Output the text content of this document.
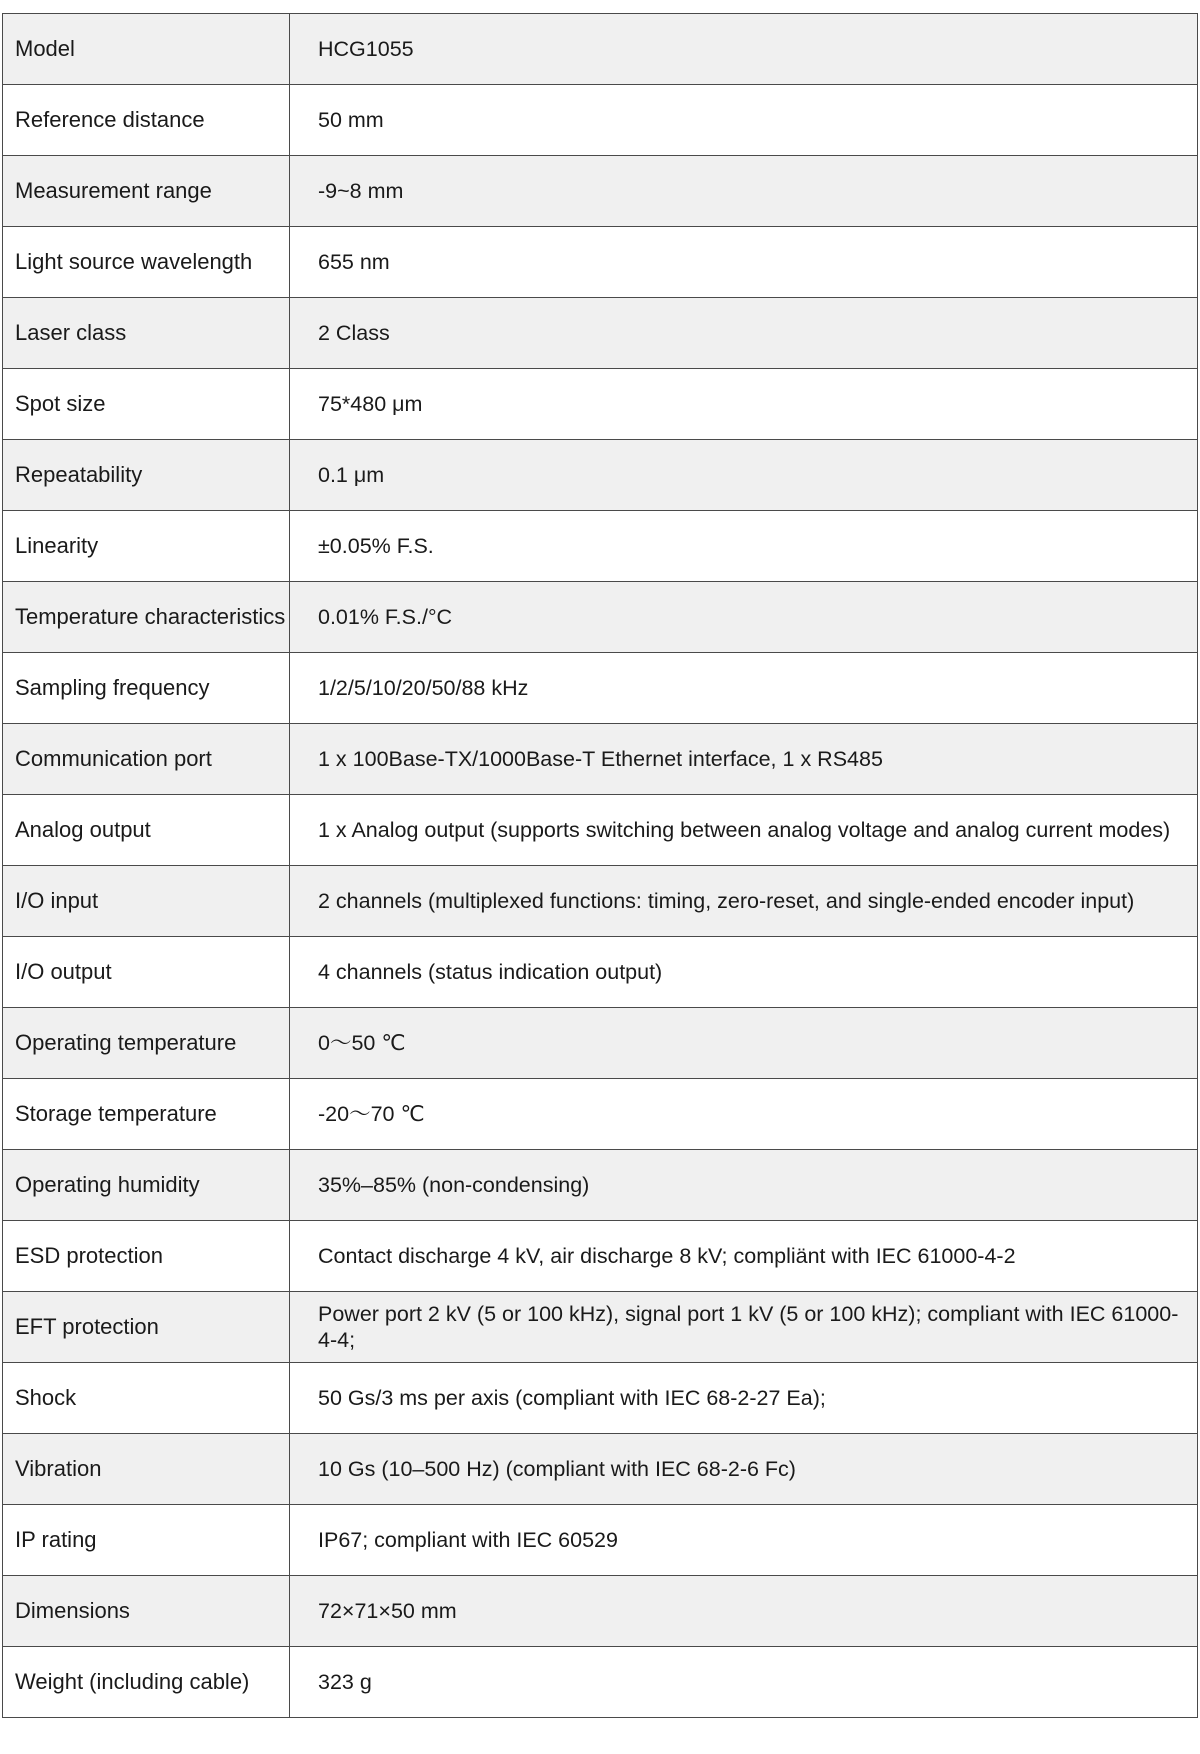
Model	HCG1055

Reference distance	50 mm

Measurement range	-9~8 mm

Light source wavelength	655 nm

Laser class	2 Class

Spot size	75*480 μm

Repeatability	0.1 μm

Linearity	±0.05% F.S.

Temperature characteristics	0.01% F.S./°C

Sampling frequency	1/2/5/10/20/50/88 kHz

Communication port	1 x 100Base-TX/1000Base-T Ethernet interface, 1 x RS485

Analog output	1 x Analog output (supports switching between analog voltage and analog current modes)

I/O input	2 channels (multiplexed functions: timing, zero-reset, and single-ended encoder input)

I/O output	4 channels (status indication output)

Operating temperature	0～50 ℃

Storage temperature	-20～70 ℃

Operating humidity	35%–85% (non-condensing)

ESD protection	Contact discharge 4 kV, air discharge 8 kV; compliänt with IEC 61000-4-2

EFT protection	Power port 2 kV (5 or 100 kHz), signal port 1 kV (5 or 100 kHz); compliant with IEC 61000-4-4;

Shock	50 Gs/3 ms per axis (compliant with IEC 68-2-27 Ea);

Vibration	10 Gs (10–500 Hz) (compliant with IEC 68-2-6 Fc)

IP rating	IP67; compliant with IEC 60529

Dimensions	72×71×50 mm

Weight (including cable)	323 g
